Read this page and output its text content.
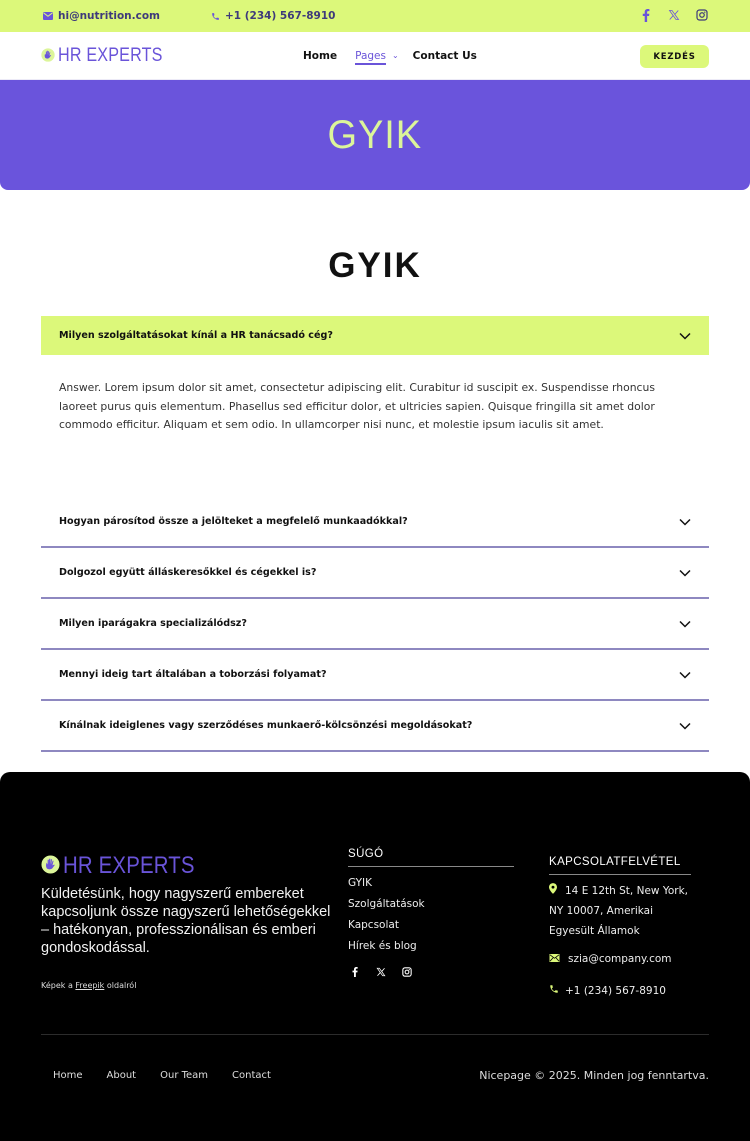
hi@nutrition.com	+1 (234) 567-8910
HR EXPERTS	Home Pages ⌄ Contact Us	KEZDÉS
GYIK
GYIK
Milyen szolgáltatásokat kínál a HR tanácsadó cég?
Answer. Lorem ipsum dolor sit amet, consectetur adipiscing elit. Curabitur id suscipit ex. Suspendisse rhoncus laoreet purus quis elementum. Phasellus sed efficitur dolor, et ultricies sapien. Quisque fringilla sit amet dolor commodo efficitur. Aliquam et sem odio. In ullamcorper nisi nunc, et molestie ipsum iaculis sit amet.
Hogyan párosítod össze a jelölteket a megfelelő munkaadókkal?
Dolgozol együtt álláskeresőkkel és cégekkel is?
Milyen iparágakra specializálódsz?
Mennyi ideig tart általában a toborzási folyamat?
Kínálnak ideiglenes vagy szerződéses munkaerő-kölcsönzési megoldásokat?
HR EXPERTS
Küldetésünk, hogy nagyszerű embereket kapcsoljunk össze nagyszerű lehetőségekkel – hatékonyan, professzionálisan és emberi gondoskodással.
Képek a Freepik oldalról
SÚGÓ
GYIK
Szolgáltatások
Kapcsolat
Hírek és blog
KAPCSOLATFELVÉTEL
14 E 12th St, New York, NY 10007, Amerikai Egyesült Államok
szia@company.com
+1 (234) 567-8910
Home About Our Team Contact	Nicepage © 2025. Minden jog fenntartva.
